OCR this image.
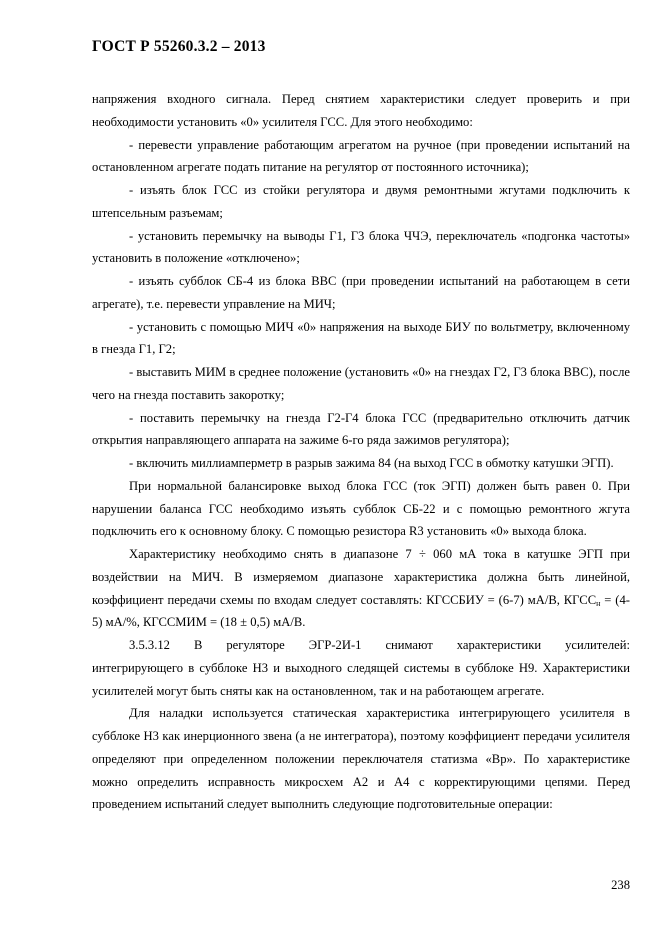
ГОСТ Р 55260.3.2 – 2013

напряжения входного сигнала. Перед снятием характеристики следует проверить и при необходимости установить «0» усилителя ГСС. Для этого необходимо:

- перевести управление работающим агрегатом на ручное (при проведении испытаний на остановленном агрегате подать питание на регулятор от постоянного источника);

- изъять блок ГСС из стойки регулятора и двумя ремонтными жгутами подключить к штепсельным разъемам;

- установить перемычку на выводы Г1, Г3 блока ЧЧЭ, переключатель «подгонка частоты» установить в положение «отключено»;

- изъять субблок СБ-4 из блока ВВС (при проведении испытаний на работающем в сети агрегате), т.е. перевести управление на МИЧ;

- установить с помощью МИЧ «0» напряжения на выходе БИУ по вольтметру, включенному в гнезда Г1, Г2;

- выставить МИМ в среднее положение (установить «0» на гнездах Г2, Г3 блока ВВС), после чего на гнезда поставить закоротку;

- поставить перемычку на гнезда Г2-Г4 блока ГСС (предварительно отключить датчик открытия направляющего аппарата на зажиме 6-го ряда зажимов регулятора);

- включить миллиамперметр в разрыв зажима 84 (на выход ГСС в обмотку катушки ЭГП).

При нормальной балансировке выход блока ГСС (ток ЭГП) должен быть равен 0. При нарушении баланса ГСС необходимо изъять субблок СБ-22 и с помощью ремонтного жгута подключить его к основному блоку. С помощью резистора R3 установить «0» выхода блока.

Характеристику необходимо снять в диапазоне 7 ÷ 060 мА тока в катушке ЭГП при воздействии на МИЧ. В измеряемом диапазоне характеристика должна быть линейной, коэффициент передачи схемы по входам следует составлять: КГССБИУ = (6-7) мА/В, $КГСС_н = (4-5)$ мА/%, КГССМИМ = (18 ± 0,5) мА/В.

3.5.3.12   В   регуляторе   ЭГР-2И-1   снимают   характеристики   усилителей: интегрирующего в субблоке Н3 и выходного следящей системы в субблоке Н9. Характеристики усилителей могут быть сняты как на остановленном, так и на работающем агрегате.

Для наладки используется статическая характеристика интегрирующего усилителя в субблоке Н3 как инерционного звена (а не интегратора), поэтому коэффициент передачи усилителя определяют при определенном положении переключателя статизма «Вр». По характеристике можно определить исправность микросхем А2 и А4 с корректирующими цепями. Перед проведением испытаний следует выполнить следующие подготовительные операции:

238
